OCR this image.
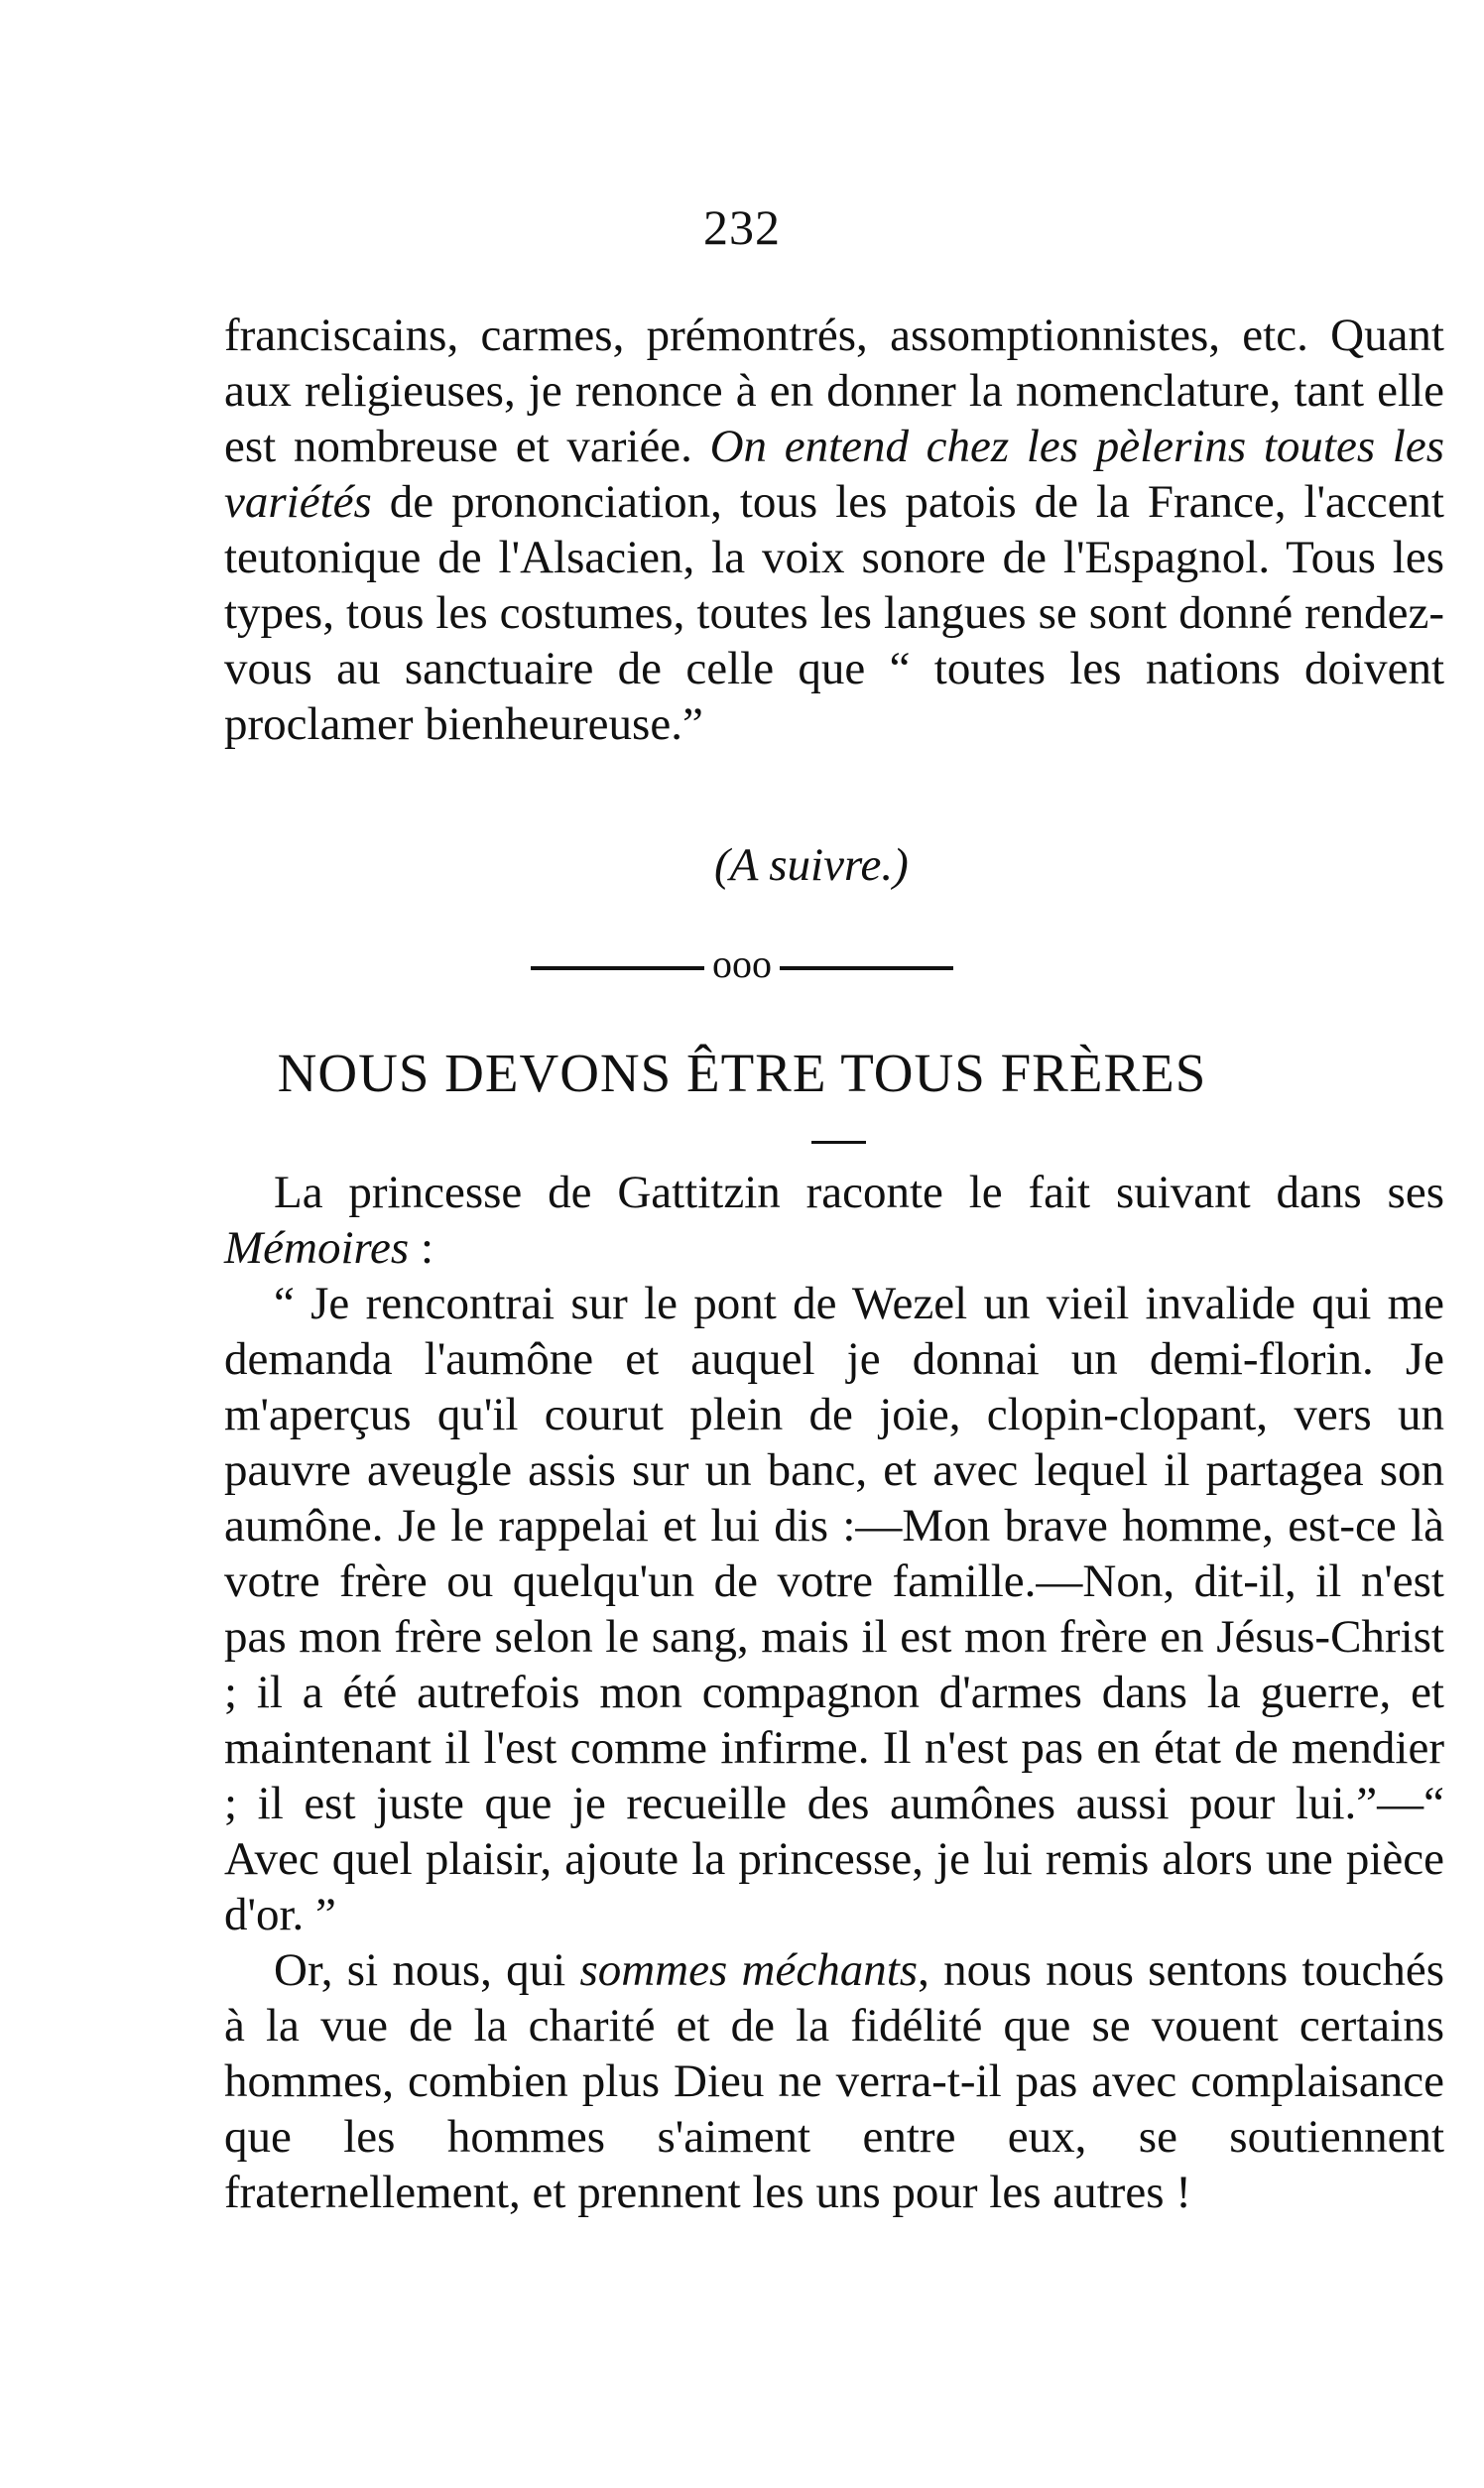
232

franciscains, carmes, prémontrés, assomptionnistes, etc. Quant aux religieuses, je renonce à en donner la nomenclature, tant elle est nombreuse et variée. On entend chez les pèlerins toutes les variétés de prononciation, tous les patois de la France, l'accent teutonique de l'Alsacien, la voix sonore de l'Espagnol. Tous les types, tous les costumes, toutes les langues se sont donné rendez-vous au sanctuaire de celle que “ toutes les nations doivent proclamer bienheureuse.”

(A suivre.)
ooo
NOUS DEVONS ÊTRE TOUS FRÈRES

La princesse de Gattitzin raconte le fait suivant dans ses Mémoires :

“ Je rencontrai sur le pont de Wezel un vieil invalide qui me demanda l'aumône et auquel je donnai un demi-florin. Je m'aperçus qu'il courut plein de joie, clopin-clopant, vers un pauvre aveugle assis sur un banc, et avec lequel il partagea son aumône. Je le rappelai et lui dis :—Mon brave homme, est-ce là votre frère ou quelqu'un de votre famille.—Non, dit-il, il n'est pas mon frère selon le sang, mais il est mon frère en Jésus-Christ ; il a été autrefois mon compagnon d'armes dans la guerre, et maintenant il l'est comme infirme. Il n'est pas en état de mendier ; il est juste que je recueille des aumônes aussi pour lui.”—“ Avec quel plaisir, ajoute la princesse, je lui remis alors une pièce d'or. ”

Or, si nous, qui sommes méchants, nous nous sentons touchés à la vue de la charité et de la fidélité que se vouent certains hommes, combien plus Dieu ne verra-t-il pas avec complaisance que les hommes s'aiment entre eux, se soutiennent fraternellement, et prennent les uns pour les autres !
